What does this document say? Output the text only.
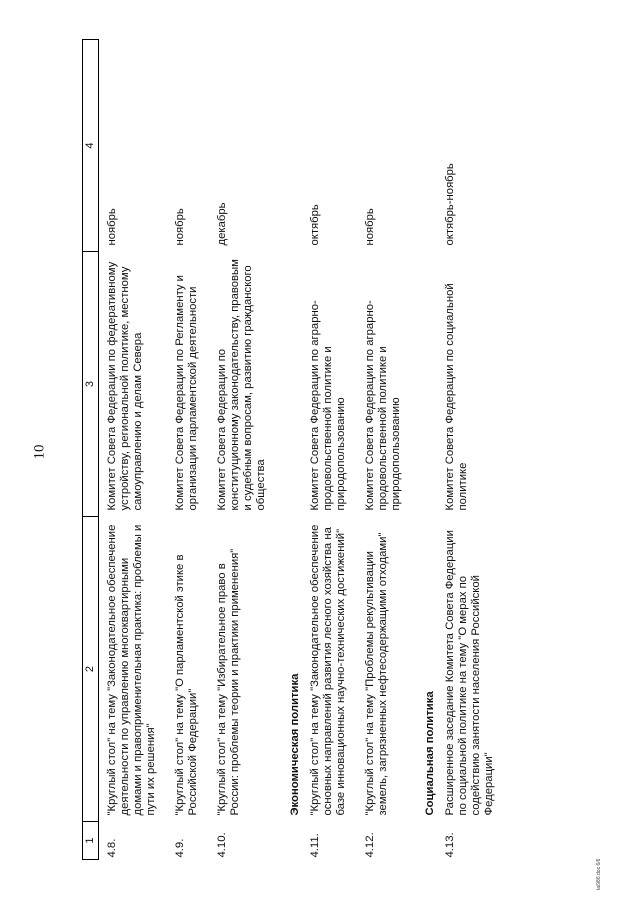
10
1	2	3	4
4.8.	"Круглый стол" на тему "Законодательное обеспечение деятельности по управлению многоквартирными домами и правоприменительная практика: проблемы и пути их решения"	Комитет Совета Федерации по федеративному устройству, региональной политике, местному самоуправлению и делам Севера	ноябрь
4.9.	"Круглый стол" на тему "О парламентской этике в Российской Федерации"	Комитет Совета Федерации по Регламенту и организации парламентской деятельности	ноябрь
4.10.	"Круглый стол" на тему "Избирательное право в России: проблемы теории и практики применения"	Комитет Совета Федерации по конституционному законодательству, правовым и судебным вопросам, развитию гражданского общества	декабрь
	Экономическая политика		
4.11.	"Круглый стол" на тему "Законодательное обеспечение основных направлений развития лесного хозяйства на базе инновационных научно-технических достижений"	Комитет Совета Федерации по аграрно-продовольственной политике и природопользованию	октябрь
4.12.	"Круглый стол" на тему "Проблемы рекультивации земель, загрязненных нефтесодержащими отходами"	Комитет Совета Федерации по аграрно-продовольственной политике и природопользованию	ноябрь
	Социальная политика		
4.13.	Расширенное заседание Комитета Совета Федерации по социальной политике на тему "О мерах по содействию занятости населения Российской Федерации"	Комитет Совета Федерации по социальной политике	октябрь-ноябрь
tai986.doc 6/6
